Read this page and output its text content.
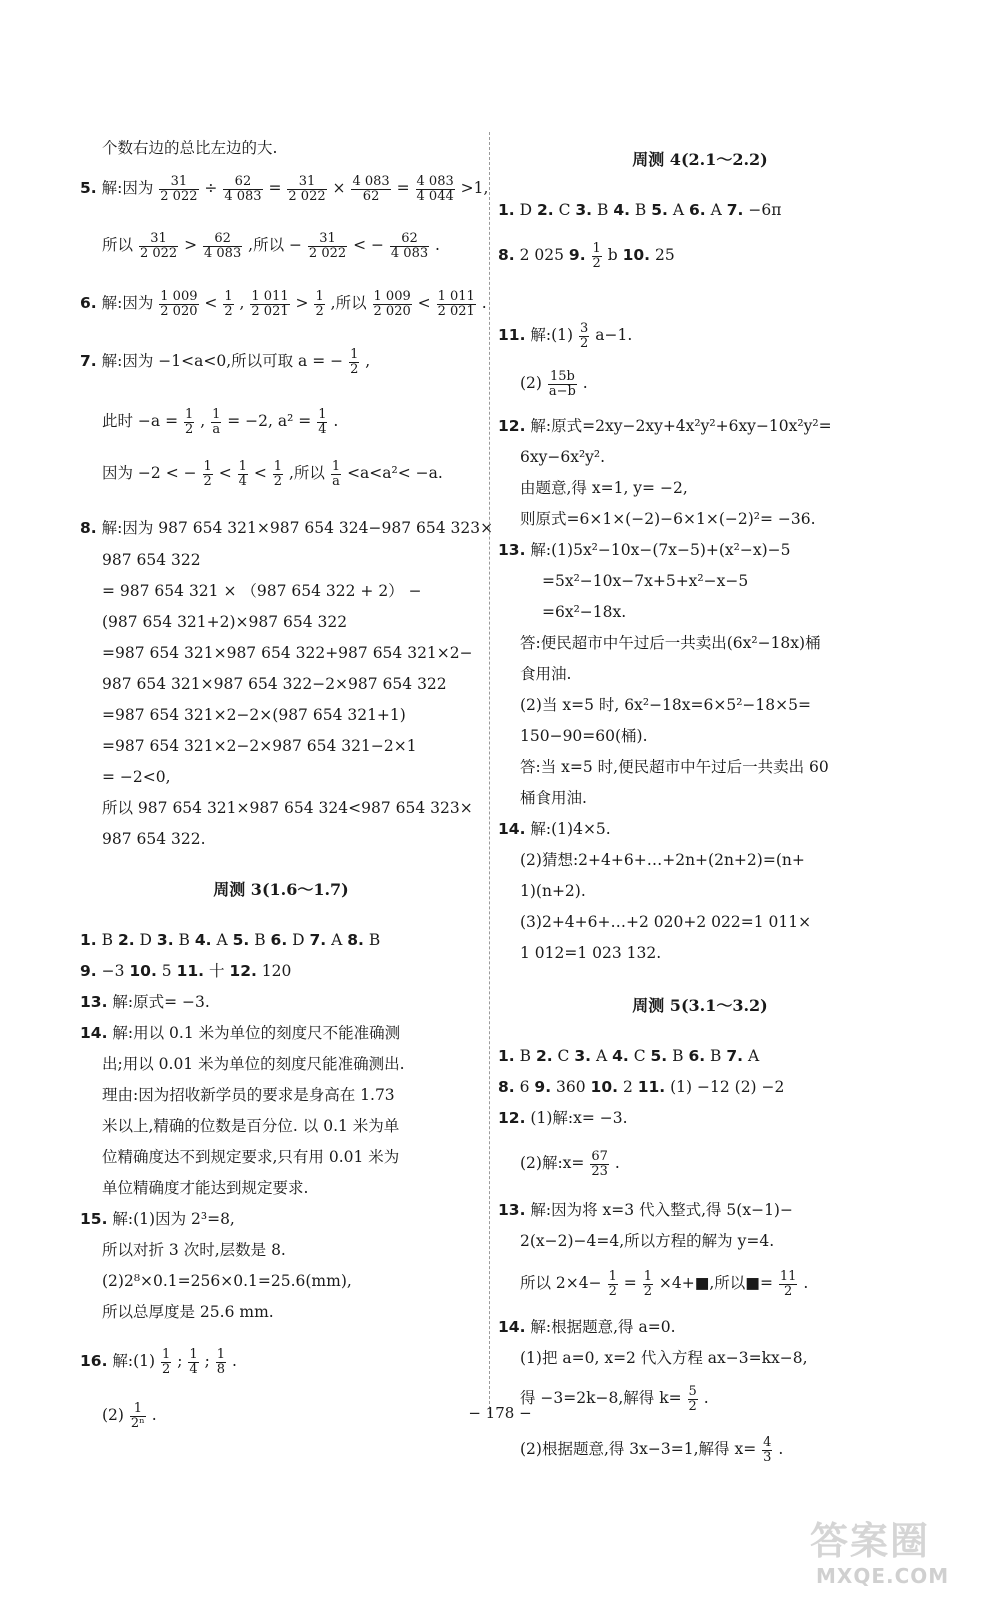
个数右边的总比左边的大.
5. 解:因为 $\frac{31}{2 022} \div \frac{62}{4 083} = \frac{31}{2 022} \times \frac{4 083}{62} = \frac{4 083}{4 044} >1$,
所以 $\frac{31}{2 022} > \frac{62}{4 083}$ ,所以 − $\frac{31}{2 022}$ < − $\frac{62}{4 083}$ .
6. 解:因为 $\frac{1 009}{2 020} < \frac{1}{2}$ , $\frac{1 011}{2 021} > \frac{1}{2}$ ,所以 $\frac{1 009}{2 020} < \frac{1 011}{2 021}$ .
7. 解:因为 −1<a<0,所以可取 a = − $\frac{1}{2}$ ,
此时 $-a = \frac{1}{2}$ , $\frac{1}{a} = -2$, $a^2 = \frac{1}{4}$ .
因为 −2 < − $\frac{1}{2} < \frac{1}{4} < \frac{1}{2}$ ,所以 $\frac{1}{a} <a<a^2< -a$.
8. 解:因为 987 654 321×987 654 324−987 654 323×
987 654 322
= 987 654 321 × （987 654 322 + 2） −
(987 654 321+2)×987 654 322
=987 654 321×987 654 322+987 654 321×2−
987 654 321×987 654 322−2×987 654 322
=987 654 321×2−2×(987 654 321+1)
=987 654 321×2−2×987 654 321−2×1
= −2<0,
所以 987 654 321×987 654 324<987 654 323×
987 654 322.
周测 3(1.6～1.7)
1. B 2. D 3. B 4. A 5. B 6. D 7. A 8. B
9. −3 10. 5 11. 十 12. 120
13. 解:原式= −3.
14. 解:用以 0.1 米为单位的刻度尺不能准确测
出;用以 0.01 米为单位的刻度尺能准确测出.
理由:因为招收新学员的要求是身高在 1.73
米以上,精确的位数是百分位. 以 0.1 米为单
位精确度达不到规定要求,只有用 0.01 米为
单位精确度才能达到规定要求.
15. 解:(1)因为 2³=8,
所以对折 3 次时,层数是 8.
(2)2⁸×0.1=256×0.1=25.6(mm),
所以总厚度是 25.6 mm.
16. 解:(1) $\frac{1}{2}$ ; $\frac{1}{4}$ ; $\frac{1}{8}$ .
$(2) \frac{1}{\text{2ⁿ}}$ .
周测 4(2.1～2.2)
1. D 2. C 3. B 4. B 5. A 6. A 7. −6π
8. 2 025 9. $\frac{1}{2}$ b 10. 25
11. 解:(1) $\frac{3}{2} a-1$.
$(2) \frac{15b}{a-b}$ .
12. 解:原式=2xy−2xy+4x²y²+6xy−10x²y²=
6xy−6x²y².
由题意,得 x=1, y= −2,
则原式=6×1×(−2)−6×1×(−2)²= −36.
13. 解:(1)5x²−10x−(7x−5)+(x²−x)−5
=5x²−10x−7x+5+x²−x−5
=6x²−18x.
答:便民超市中午过后一共卖出(6x²−18x)桶
食用油.
(2)当 x=5 时, 6x²−18x=6×5²−18×5=
150−90=60(桶).
答:当 x=5 时,便民超市中午过后一共卖出 60
桶食用油.
14. 解:(1)4×5.
(2)猜想:2+4+6+…+2n+(2n+2)=(n+
1)(n+2).
(3)2+4+6+…+2 020+2 022=1 011×
1 012=1 023 132.
周测 5(3.1～3.2)
1. B 2. C 3. A 4. C 5. B 6. B 7. A
8. 6 9. 360 10. 2 11. (1) −12 (2) −2
12. (1)解:x= −3.
(2)解:x= $\frac{67}{23}$ .
13. 解:因为将 x=3 代入整式,得 5(x−1)−
2(x−2)−4=4,所以方程的解为 y=4.
所以 $2\times 4- \frac{1}{2} = \frac{1}{2}$ ×4+■,所以■= $\frac{11}{2}$ .
14. 解:根据题意,得 a=0.
(1)把 a=0, x=2 代入方程 ax−3=kx−8,
得 −3=2k−8,解得 $k= \frac{5}{2}$ .
(2)根据题意,得 3x−3=1,解得 $x= \frac{4}{3}$ .
− 178 −
答案圈
MXQE.COM
